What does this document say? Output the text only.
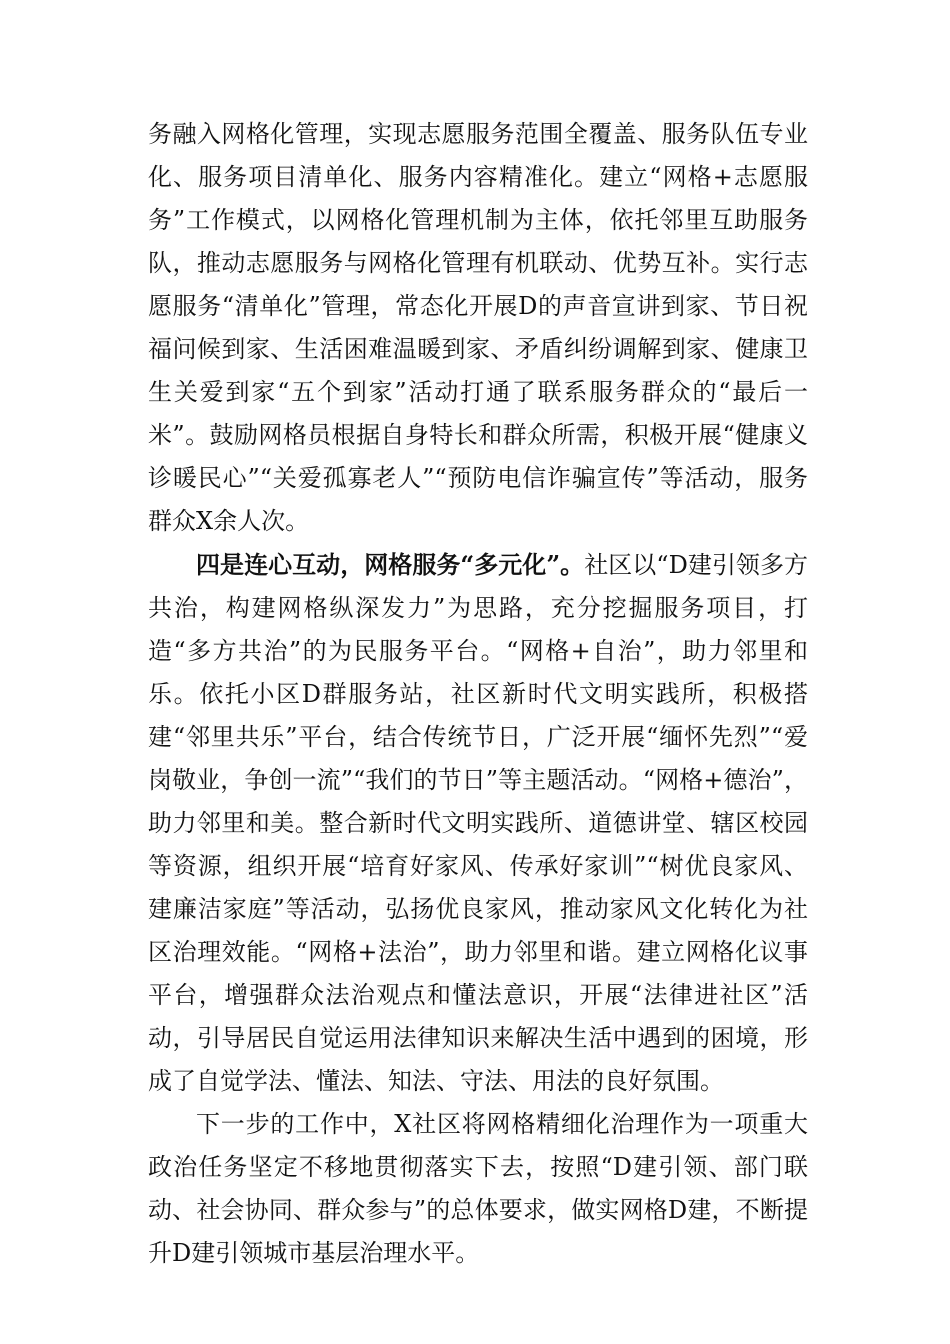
务融入网格化管理，实现志愿服务范围全覆盖、服务队伍专业化、服务项目清单化、服务内容精准化。建立“网格+志愿服务”工作模式，以网格化管理机制为主体，依托邻里互助服务队，推动志愿服务与网格化管理有机联动、优势互补。实行志愿服务“清单化”管理，常态化开展D的声音宣讲到家、节日祝福问候到家、生活困难温暖到家、矛盾纠纷调解到家、健康卫生关爱到家“五个到家”活动打通了联系服务群众的“最后一米”。鼓励网格员根据自身特长和群众所需，积极开展“健康义诊暖民心”“关爱孤寡老人”“预防电信诈骗宣传”等活动，服务群众X余人次。

四是连心互动，网格服务“多元化”。社区以“D建引领多方共治，构建网格纵深发力”为思路，充分挖掘服务项目，打造“多方共治”的为民服务平台。“网格+自治”，助力邻里和乐。依托小区D群服务站，社区新时代文明实践所，积极搭建“邻里共乐”平台，结合传统节日，广泛开展“缅怀先烈”“爱岗敬业，争创一流”“我们的节日”等主题活动。“网格+德治”，助力邻里和美。整合新时代文明实践所、道德讲堂、辖区校园等资源，组织开展“培育好家风、传承好家训”“树优良家风、建廉洁家庭”等活动，弘扬优良家风，推动家风文化转化为社区治理效能。“网格+法治”，助力邻里和谐。建立网格化议事平台，增强群众法治观点和懂法意识，开展“法律进社区”活动，引导居民自觉运用法律知识来解决生活中遇到的困境，形成了自觉学法、懂法、知法、守法、用法的良好氛围。

下一步的工作中，X社区将网格精细化治理作为一项重大政治任务坚定不移地贯彻落实下去，按照“D建引领、部门联动、社会协同、群众参与”的总体要求，做实网格D建，不断提升D建引领城市基层治理水平。
